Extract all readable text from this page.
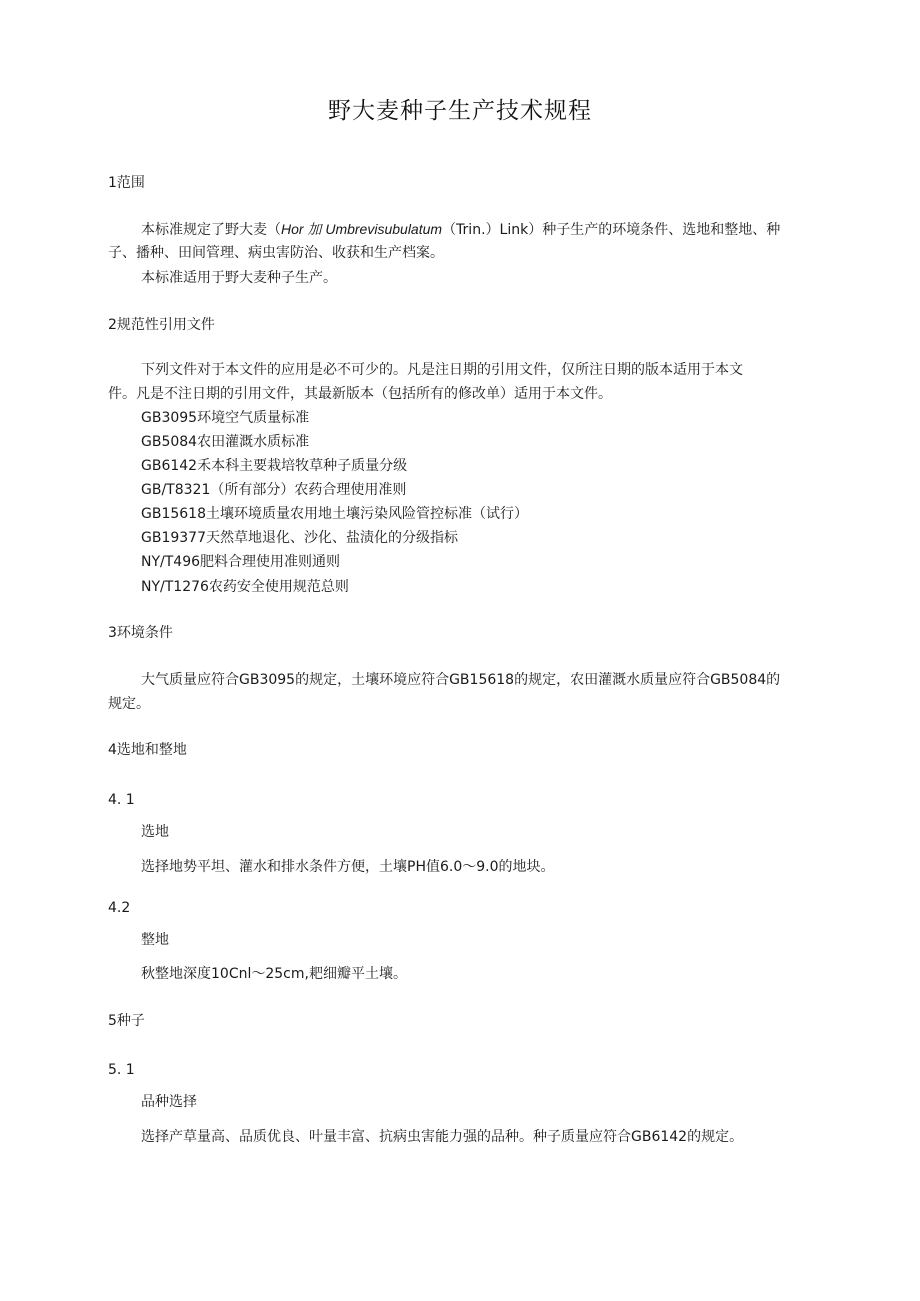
野大麦种子生产技术规程
1范围
本标准规定了野大麦（Hor 加 Umbrevisubulatum（Trin.）Link）种子生产的环境条件、选地和整地、种
子、播种、田间管理、病虫害防治、收获和生产档案。
本标准适用于野大麦种子生产。
2规范性引用文件
下列文件对于本文件的应用是必不可少的。凡是注日期的引用文件，仅所注日期的版本适用于本文
件。凡是不注日期的引用文件，其最新版本（包括所有的修改单）适用于本文件。
GB3095环境空气质量标准
GB5084农田灌溉水质标准
GB6142禾本科主要栽培牧草种子质量分级
GB/T8321（所有部分）农药合理使用准则
GB15618土壤环境质量农用地土壤污染风险管控标准（试行）
GB19377天然草地退化、沙化、盐渍化的分级指标
NY/T496肥料合理使用准则通则
NY/T1276农药安全使用规范总则
3环境条件
大气质量应符合GB3095的规定，土壤环境应符合GB15618的规定，农田灌溉水质量应符合GB5084的
规定。
4选地和整地
4. 1
选地
选择地势平坦、灌水和排水条件方便，土壤PH值6.0～9.0的地块。
4.2
整地
秋整地深度10Cnl～25cm,耙细瓣平土壤。
5种子
5. 1
品种选择
选择产草量高、品质优良、叶量丰富、抗病虫害能力强的品种。种子质量应符合GB6142的规定。
